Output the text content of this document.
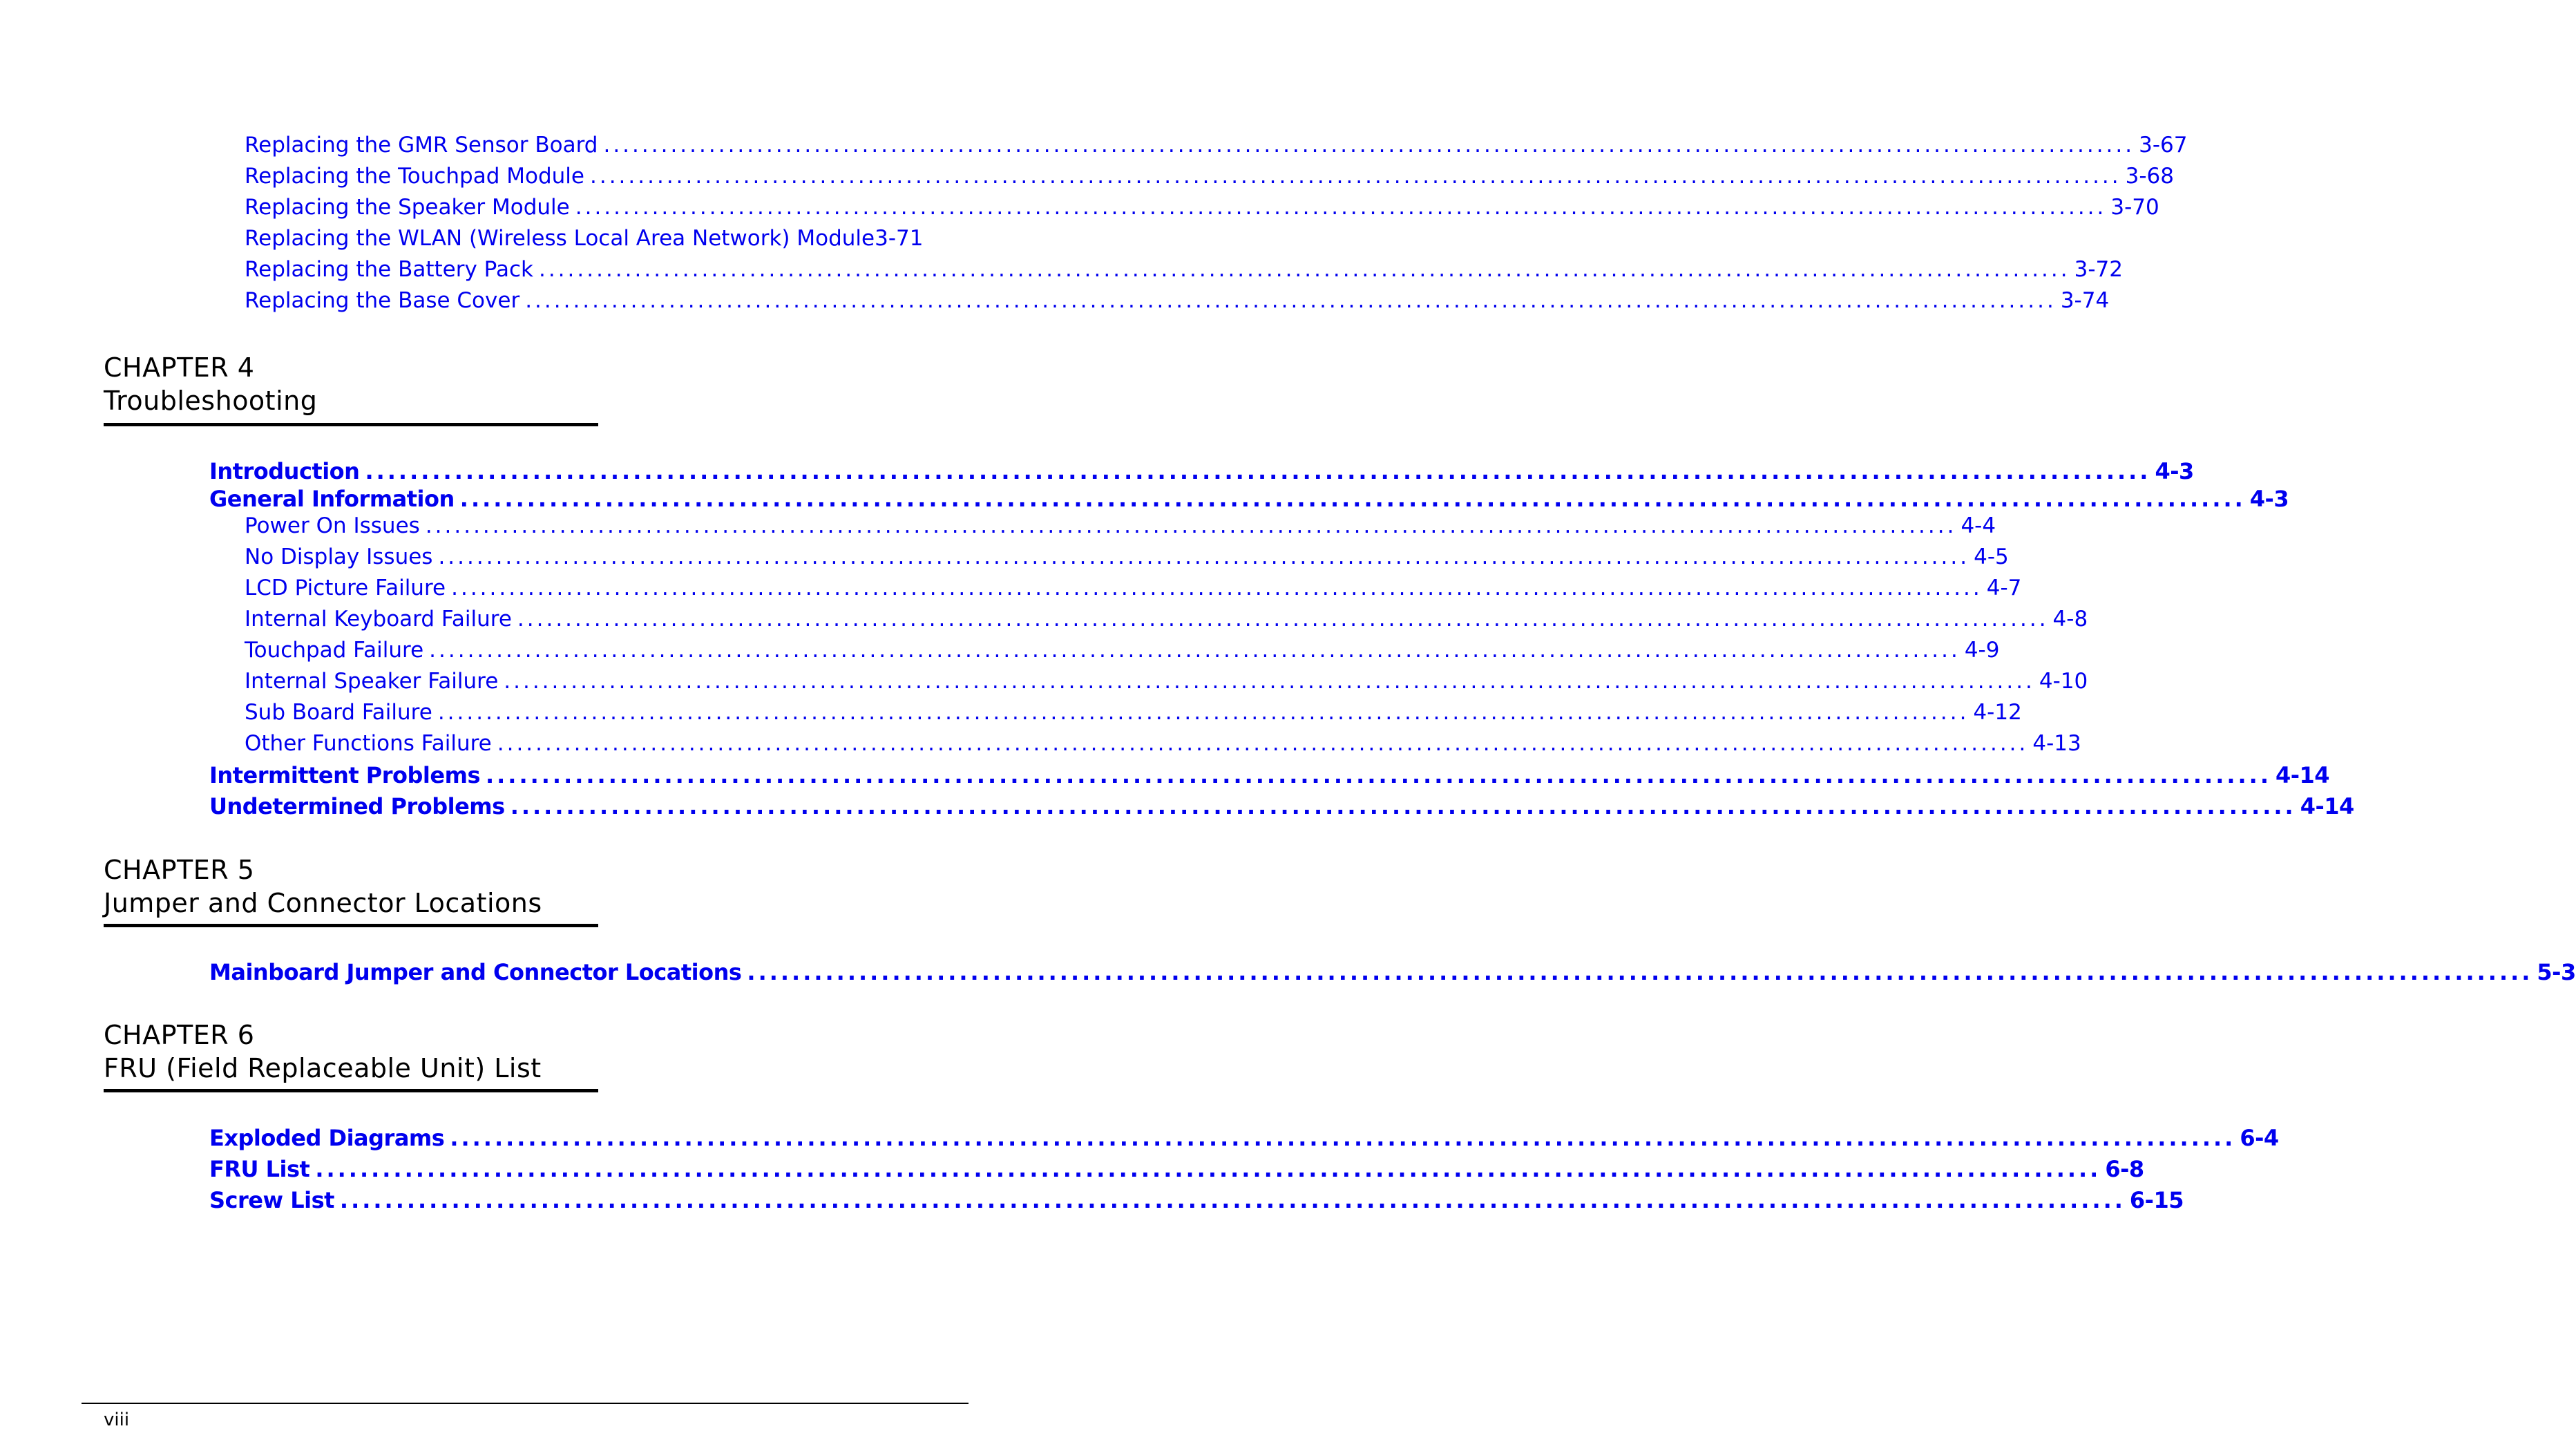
Replacing the GMR Sensor Board ................................................................................................................................................................ 3-67
Replacing the Touchpad Module ................................................................................................................................................................ 3-68
Replacing the Speaker Module ................................................................................................................................................................ 3-70
Replacing the WLAN (Wireless Local Area Network) Module 3-71
Replacing the Battery Pack ................................................................................................................................................................ 3-72
Replacing the Base Cover ................................................................................................................................................................ 3-74
CHAPTER 4
Troubleshooting
Introduction ................................................................................................................................................................ 4-3
General Information ................................................................................................................................................................ 4-3
Power On Issues ................................................................................................................................................................ 4-4
No Display Issues ................................................................................................................................................................ 4-5
LCD Picture Failure ................................................................................................................................................................ 4-7
Internal Keyboard Failure ................................................................................................................................................................ 4-8
Touchpad Failure ................................................................................................................................................................ 4-9
Internal Speaker Failure ................................................................................................................................................................ 4-10
Sub Board Failure ................................................................................................................................................................ 4-12
Other Functions Failure ................................................................................................................................................................ 4-13
Intermittent Problems ................................................................................................................................................................ 4-14
Undetermined Problems ................................................................................................................................................................ 4-14
CHAPTER 5
Jumper and Connector Locations
Mainboard Jumper and Connector Locations ................................................................................................................................................................ 5-3
CHAPTER 6
FRU (Field Replaceable Unit) List
Exploded Diagrams ................................................................................................................................................................ 6-4
FRU List ................................................................................................................................................................ 6-8
Screw List ................................................................................................................................................................ 6-15
viii
